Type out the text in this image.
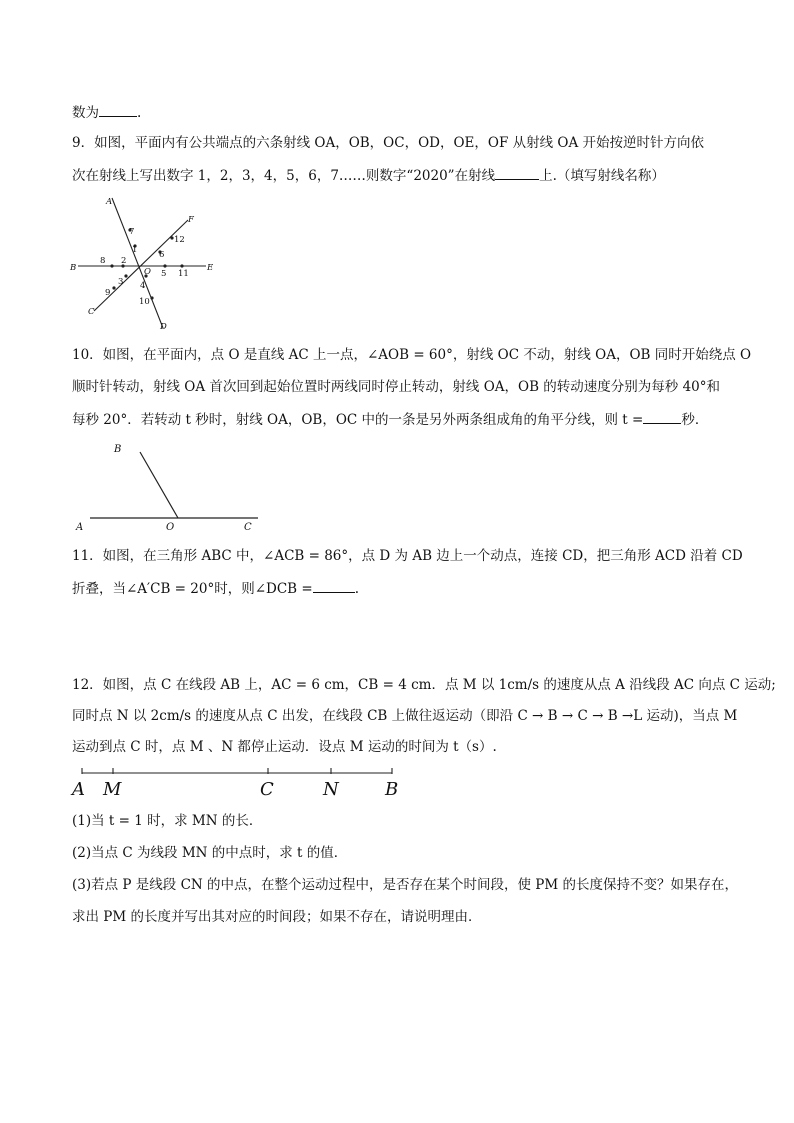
数为	.
9．如图，平面内有公共端点的六条射线 OA，OB，OC，OD，OE，OF 从射线 OA 开始按逆时针方向依
次在射线上写出数字 1，2，3，4，5，6，7……则数字“2020”在射线	上.（填写射线名称）
A
B
C
D
E
F
O
1
2
3 4
5
6
7
8
9
10
11
12
10．如图，在平面内，点 O 是直线 AC 上一点，∠AOB = 60°，射线 OC 不动，射线 OA，OB 同时开始绕点 O
顺时针转动，射线 OA 首次回到起始位置时两线同时停止转动，射线 OA，OB 的转动速度分别为每秒 40°和
每秒 20°．若转动 t 秒时，射线 OA，OB，OC 中的一条是另外两条组成角的角平分线，则 t =	秒．
B
A	O	C
11．如图，在三角形 ABC 中，∠ACB = 86°，点 D 为 AB 边上一个动点，连接 CD，把三角形 ACD 沿着 CD
折叠，当∠A′CB = 20°时，则∠DCB =	.
12．如图，点 C 在线段 AB 上，AC = 6 cm，CB = 4 cm．点 M 以 1cm/s 的速度从点 A 沿线段 AC 向点 C 运动;
同时点 N 以 2cm/s 的速度从点 C 出发，在线段 CB 上做往返运动（即沿 C → B → C → B →L 运动)，当点 M
运动到点 C 时，点 M 、N 都停止运动．设点 M 运动的时间为 t（s）.
A M	C	N	B
(1)当 t = 1 时，求 MN 的长．
(2)当点 C 为线段 MN 的中点时，求 t 的值．
(3)若点 P 是线段 CN 的中点，在整个运动过程中，是否存在某个时间段，使 PM 的长度保持不变？如果存在，
求出 PM 的长度并写出其对应的时间段；如果不存在，请说明理由．
